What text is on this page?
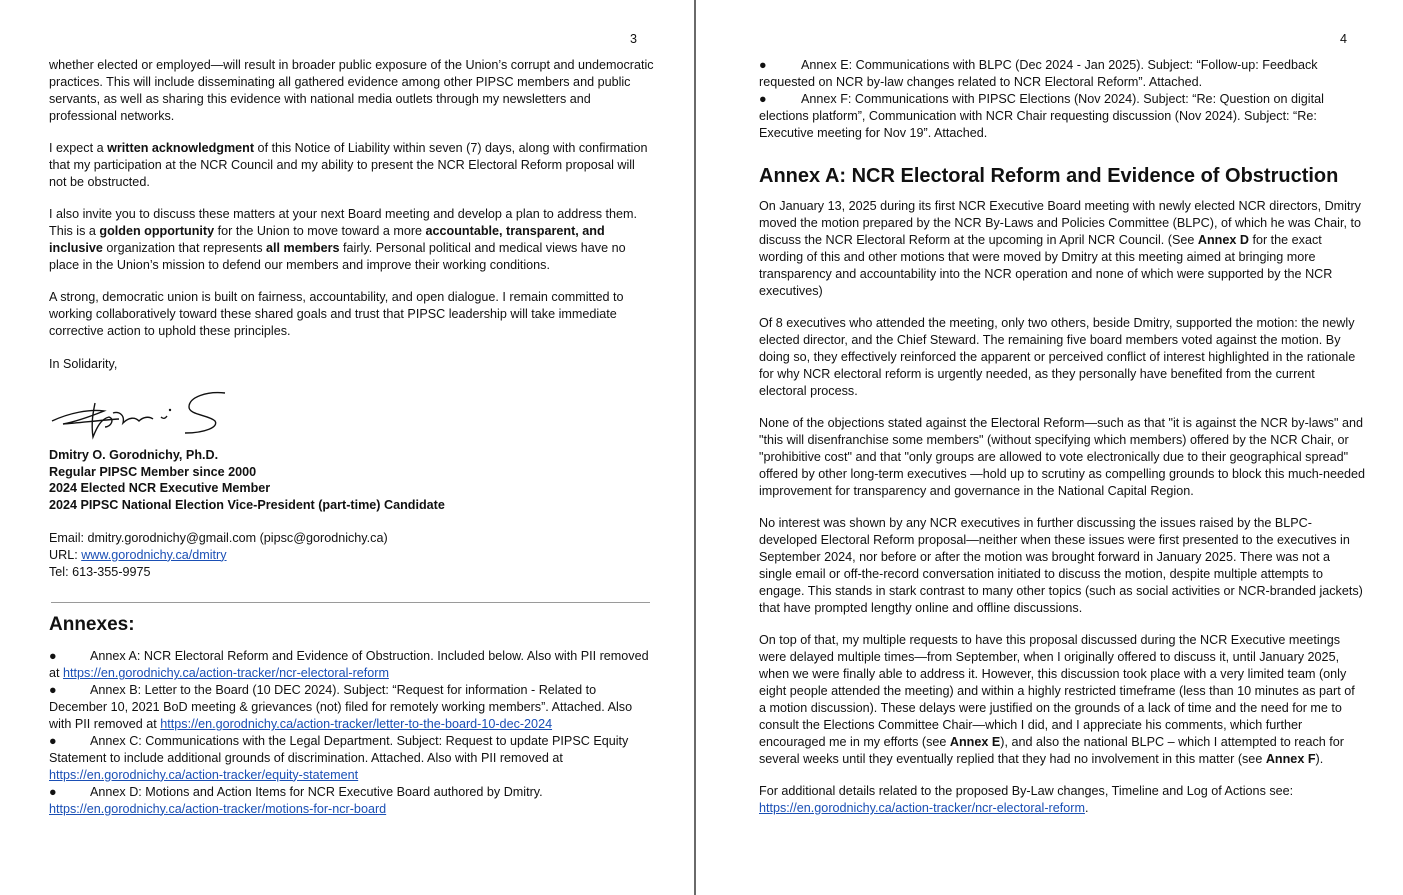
3

whether elected or employed—will result in broader public exposure of the Union’s corrupt and undemocratic practices. This will include disseminating all gathered evidence among other PIPSC members and public servants, as well as sharing this evidence with national media outlets through my newsletters and professional networks.

I expect a written acknowledgment of this Notice of Liability within seven (7) days, along with confirmation that my participation at the NCR Council and my ability to present the NCR Electoral Reform proposal will not be obstructed.

I also invite you to discuss these matters at your next Board meeting and develop a plan to address them. This is a golden opportunity for the Union to move toward a more accountable, transparent, and inclusive organization that represents all members fairly. Personal political and medical views have no place in the Union’s mission to defend our members and improve their working conditions.

A strong, democratic union is built on fairness, accountability, and open dialogue. I remain committed to working collaboratively toward these shared goals and trust that PIPSC leadership will take immediate corrective action to uphold these principles.

In Solidarity,

Dmitry O. Gorodnichy, Ph.D.
Regular PIPSC Member since 2000
2024 Elected NCR Executive Member
2024 PIPSC National Election Vice-President (part-time) Candidate
Email: dmitry.gorodnichy@gmail.com (pipsc@gorodnichy.ca)
URL: www.gorodnichy.ca/dmitry
Tel: 613-355-9975
Annexes:

●	Annex A: NCR Electoral Reform and Evidence of Obstruction. Included below. Also with PII removed at https://en.gorodnichy.ca/action-tracker/ncr-electoral-reform

●	Annex B: Letter to the Board (10 DEC 2024). Subject: “Request for information - Related to December 10, 2021 BoD meeting & grievances (not) filed for remotely working members”. Attached. Also with PII removed at https://en.gorodnichy.ca/action-tracker/letter-to-the-board-10-dec-2024

●	Annex C: Communications with the Legal Department. Subject: Request to update PIPSC Equity Statement to include additional grounds of discrimination. Attached. Also with PII removed at https://en.gorodnichy.ca/action-tracker/equity-statement

●	Annex D: Motions and Action Items for NCR Executive Board authored by Dmitry.
https://en.gorodnichy.ca/action-tracker/motions-for-ncr-board

4

●	Annex E: Communications with BLPC (Dec 2024 - Jan 2025). Subject: “Follow-up: Feedback requested on NCR by-law changes related to NCR Electoral Reform”. Attached.

●	Annex F: Communications with PIPSC Elections (Nov 2024). Subject: “Re: Question on digital elections platform”, Communication with NCR Chair requesting discussion (Nov 2024). Subject: “Re: Executive meeting for Nov 19”. Attached.

Annex A: NCR Electoral Reform and Evidence of Obstruction

On January 13, 2025 during its first NCR Executive Board meeting with newly elected NCR directors, Dmitry moved the motion prepared by the NCR By-Laws and Policies Committee (BLPC), of which he was Chair, to discuss the NCR Electoral Reform at the upcoming in April NCR Council. (See Annex D for the exact wording of this and other motions that were moved by Dmitry at this meeting aimed at bringing more transparency and accountability into the NCR operation and none of which were supported by the NCR executives)

Of 8 executives who attended the meeting, only two others, beside Dmitry, supported the motion: the newly elected director, and the Chief Steward. The remaining five board members voted against the motion. By doing so, they effectively reinforced the apparent or perceived conflict of interest highlighted in the rationale for why NCR electoral reform is urgently needed, as they personally have benefited from the current electoral process.

None of the objections stated against the Electoral Reform—such as that "it is against the NCR by-laws" and "this will disenfranchise some members" (without specifying which members) offered by the NCR Chair, or "prohibitive cost" and that "only groups are allowed to vote electronically due to their geographical spread" offered by other long-term executives —hold up to scrutiny as compelling grounds to block this much-needed improvement for transparency and governance in the National Capital Region.

No interest was shown by any NCR executives in further discussing the issues raised by the BLPC-developed Electoral Reform proposal—neither when these issues were first presented to the executives in September 2024, nor before or after the motion was brought forward in January 2025. There was not a single email or off-the-record conversation initiated to discuss the motion, despite multiple attempts to engage. This stands in stark contrast to many other topics (such as social activities or NCR-branded jackets) that have prompted lengthy online and offline discussions.

On top of that, my multiple requests to have this proposal discussed during the NCR Executive meetings were delayed multiple times—from September, when I originally offered to discuss it, until January 2025, when we were finally able to address it. However, this discussion took place with a very limited team (only eight people attended the meeting) and within a highly restricted timeframe (less than 10 minutes as part of a motion discussion). These delays were justified on the grounds of a lack of time and the need for me to consult the Elections Committee Chair—which I did, and I appreciate his comments, which further encouraged me in my efforts (see Annex E), and also the national BLPC – which I attempted to reach for several weeks until they eventually replied that they had no involvement in this matter (see Annex F).

For additional details related to the proposed By-Law changes, Timeline and Log of Actions see:
https://en.gorodnichy.ca/action-tracker/ncr-electoral-reform.
